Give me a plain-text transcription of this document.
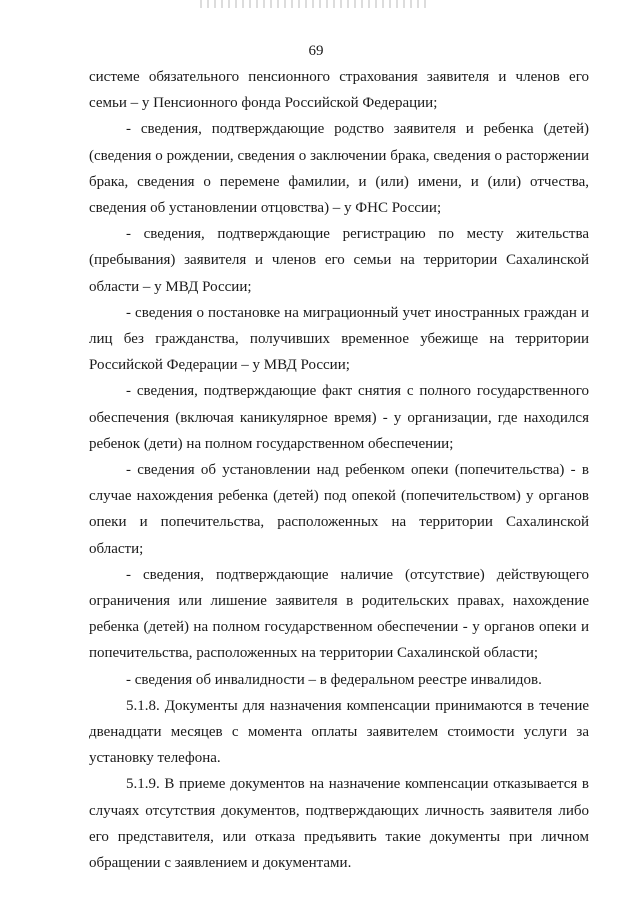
69

системе обязательного пенсионного страхования заявителя и членов его семьи – у Пенсионного фонда Российской Федерации;

- сведения, подтверждающие родство заявителя и ребенка (детей) (сведения о рождении, сведения о заключении брака, сведения о расторжении брака, сведения о перемене фамилии, и (или) имени, и (или) отчества, сведения об установлении отцовства) – у ФНС России;

- сведения, подтверждающие регистрацию по месту жительства (пребывания) заявителя и членов его семьи на территории Сахалинской области – у МВД России;

- сведения о постановке на миграционный учет иностранных граждан и лиц без гражданства, получивших временное убежище на территории Российской Федерации – у МВД России;

- сведения, подтверждающие факт снятия с полного государственного обеспечения (включая каникулярное время) - у организации, где находился ребенок (дети) на полном государственном обеспечении;

- сведения об установлении над ребенком опеки (попечительства) - в случае нахождения ребенка (детей) под опекой (попечительством) у органов опеки и попечительства, расположенных на территории Сахалинской области;

- сведения, подтверждающие наличие (отсутствие) действующего ограничения или лишение заявителя в родительских правах, нахождение ребенка (детей) на полном государственном обеспечении - у органов опеки и попечительства, расположенных на территории Сахалинской области;

- сведения об инвалидности – в федеральном реестре инвалидов.

5.1.8. Документы для назначения компенсации принимаются в течение двенадцати месяцев с момента оплаты заявителем стоимости услуги за установку телефона.

5.1.9. В приеме документов на назначение компенсации отказывается в случаях отсутствия документов, подтверждающих личность заявителя либо его представителя, или отказа предъявить такие документы при личном обращении с заявлением и документами.
